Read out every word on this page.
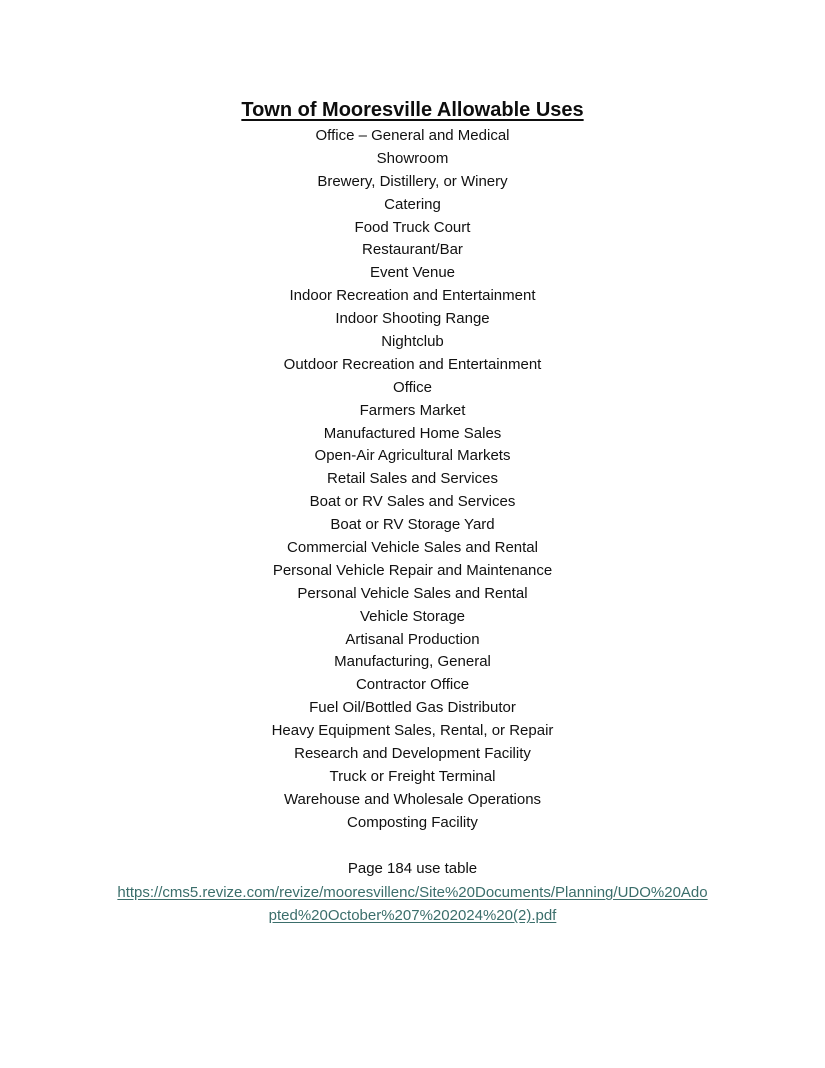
Town of Mooresville Allowable Uses
Office – General and Medical
Showroom
Brewery, Distillery, or Winery
Catering
Food Truck Court
Restaurant/Bar
Event Venue
Indoor Recreation and Entertainment
Indoor Shooting Range
Nightclub
Outdoor Recreation and Entertainment
Office
Farmers Market
Manufactured Home Sales
Open-Air Agricultural Markets
Retail Sales and Services
Boat or RV Sales and Services
Boat or RV Storage Yard
Commercial Vehicle Sales and Rental
Personal Vehicle Repair and Maintenance
Personal Vehicle Sales and Rental
Vehicle Storage
Artisanal Production
Manufacturing, General
Contractor Office
Fuel Oil/Bottled Gas Distributor
Heavy Equipment Sales, Rental, or Repair
Research and Development Facility
Truck or Freight Terminal
Warehouse and Wholesale Operations
Composting Facility
Page 184 use table
https://cms5.revize.com/revize/mooresvillenc/Site%20Documents/Planning/UDO%20Ado
pted%20October%207%202024%20(2).pdf
